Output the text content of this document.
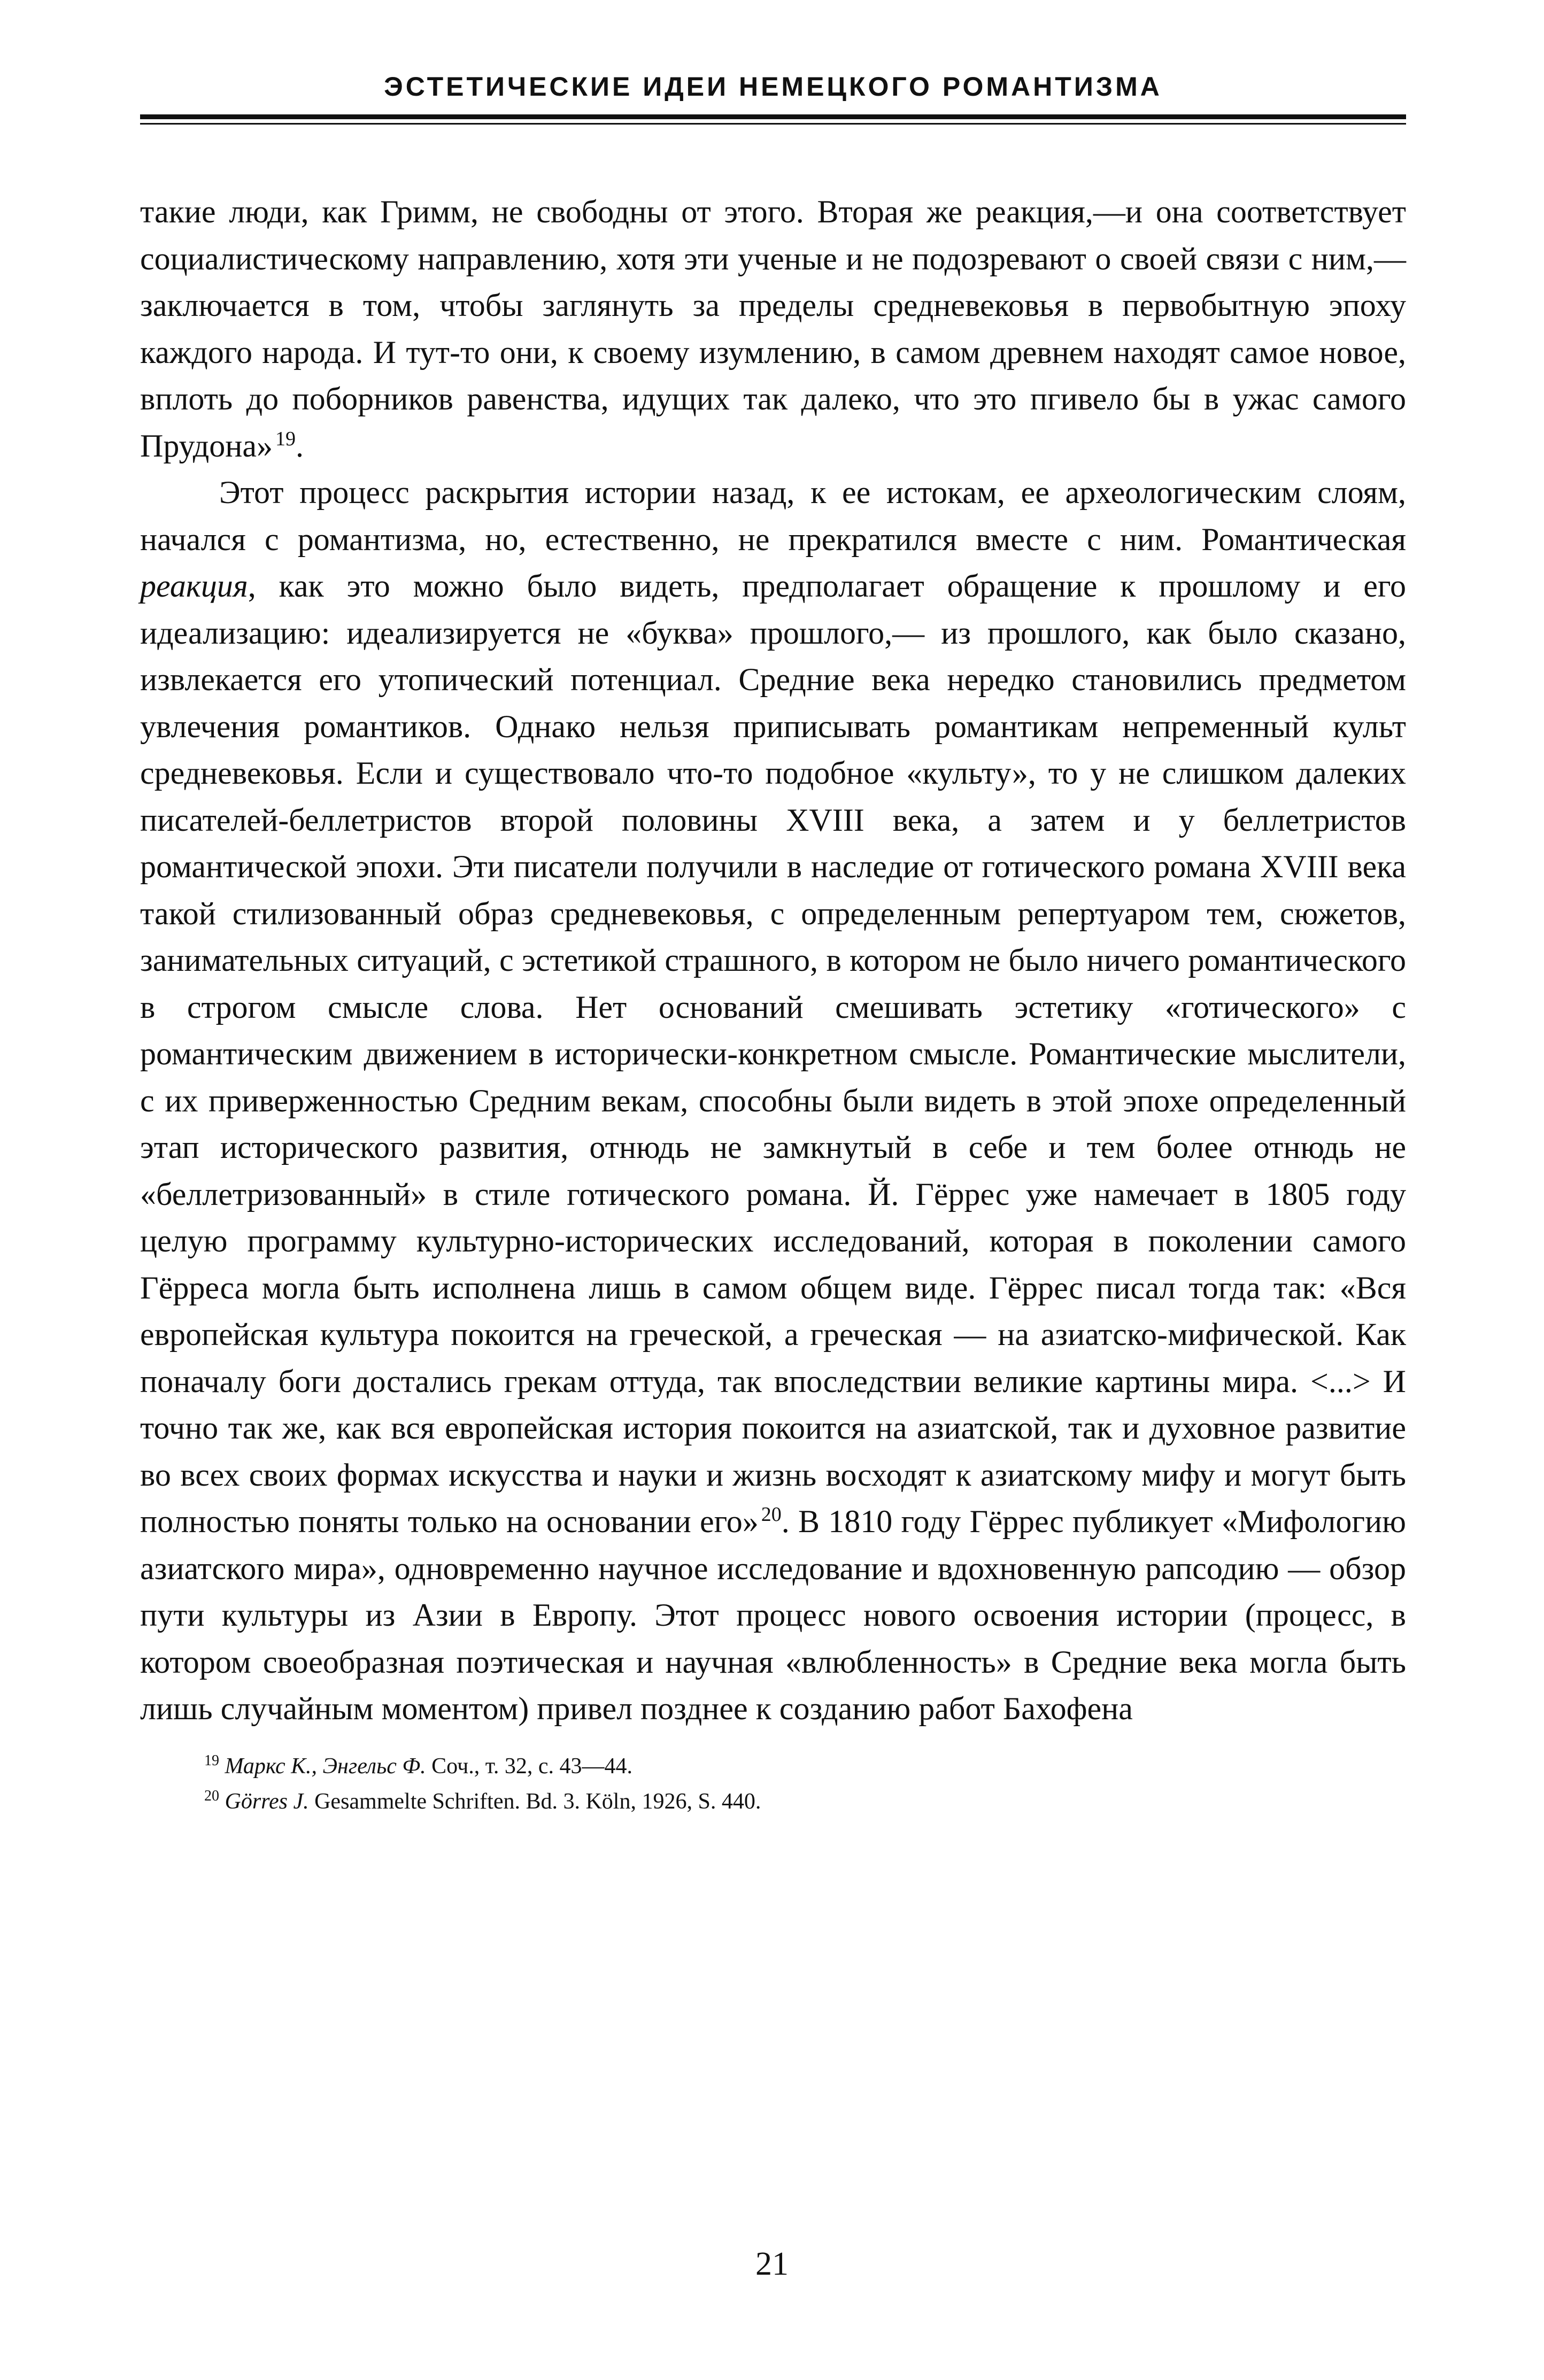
ЭСТЕТИЧЕСКИЕ ИДЕИ НЕМЕЦКОГО РОМАНТИЗМА

такие люди, как Гримм, не свободны от этого. Вторая же реакция,—и она соответствует социалистическому направлению, хотя эти ученые и не подозревают о своей связи с ним,— заключается в том, чтобы заглянуть за пределы средневековья в первобытную эпоху каждого народа. И тут-то они, к своему изумлению, в самом древнем находят самое новое, вплоть до поборников равенства, идущих так далеко, что это пгивело бы в ужас самого Прудона»  $^{19}$.

Этот процесс раскрытия истории назад, к ее истокам, ее археологическим слоям, начался с романтизма, но, естественно, не прекратился вместе с ним. Романтическая реакция, как это можно было видеть, предполагает обращение к прошлому и его идеализацию: идеализируется не «буква» прошлого,— из прошлого, как было сказано, извлекается его утопический потенциал. Средние века нередко становились предметом увлечения романтиков. Однако нельзя приписывать романтикам непременный культ средневековья. Если и существовало что-то подобное «культу», то у не слишком далеких писателей-беллетристов второй половины XVIII века, а затем и у беллетристов романтической эпохи. Эти писатели получили в наследие от готического романа XVIII века такой стилизованный образ средневековья, с определенным репертуаром тем, сюжетов, занимательных ситуаций, с эстетикой страшного, в котором не было ничего романтического в строгом смысле слова. Нет оснований смешивать эстетику «готического» с романтическим движением в исторически-конкретном смысле. Романтические мыслители, с их приверженностью Средним векам, способны были видеть в этой эпохе определенный этап исторического развития, отнюдь не замкнутый в себе и тем более отнюдь не «беллетризованный» в стиле готического романа. Й. Гёррес уже намечает в 1805 году целую программу культурно-исторических исследований, которая в поколении самого Гёрреса могла быть исполнена лишь в самом общем виде. Гёррес писал тогда так: «Вся европейская культура покоится на греческой, а греческая — на азиатско-мифической. Как поначалу боги достались грекам оттуда, так впоследствии великие картины мира. <...> И точно так же, как вся европейская история покоится на азиатской, так и духовное развитие во всех своих формах искусства и науки и жизнь восходят к азиатскому мифу и могут быть полностью поняты только на основании его»  $^{20}$. В 1810 году Гёррес публикует «Мифологию азиатского мира», одновременно научное исследование и вдохновенную рапсодию — обзор пути культуры из Азии в Европу. Этот процесс нового освоения истории (процесс, в котором своеобразная поэтическая и научная «влюбленность» в Средние века могла быть лишь случайным моментом) привел позднее к созданию работ Бахофена

$^{19}$ Маркс К., Энгельс Ф. Соч., т. 32, с. 43—44.
$^{20}$ Görres J. Gesammelte Schriften. Bd. 3. Köln, 1926, S. 440.
21
